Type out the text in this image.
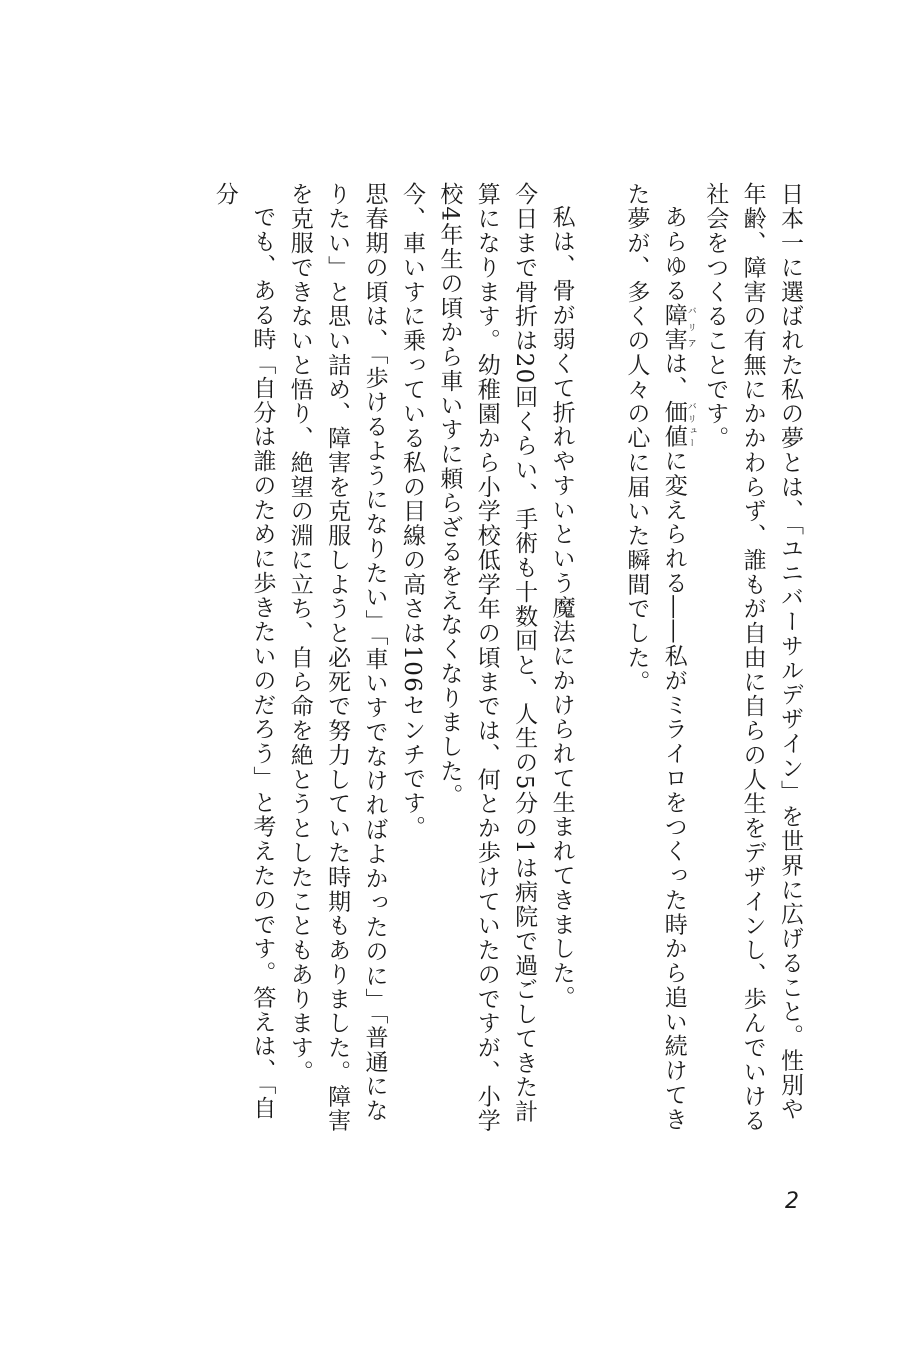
日本一に選ばれた私の夢とは、「ユニバーサルデザイン」を世界に広げること。性別や年齢、障害の有無にかかわらず、誰もが自由に自らの人生をデザインし、歩んでいける社会をつくることです。

あらゆる障害 バリアは、価値 バリューに変えられる――私がミライロをつくった時から追い続けてきた夢が、多くの人々の心に届いた瞬間でした。

私は、骨が弱くて折れやすいという魔法にかけられて生まれてきました。

今日まで骨折は20回くらい、手術も十数回と、人生の5分の1は病院で過ごしてきた計算になります。幼稚園から小学校低学年の頃までは、何とか歩けていたのですが、小学校4年生の頃から車いすに頼らざるをえなくなりました。

今、車いすに乗っている私の目線の高さは106センチです。

思春期の頃は、「歩けるようになりたい」「車いすでなければよかったのに」「普通になりたい」と思い詰め、障害を克服しようと必死で努力していた時期もありました。障害を克服できないと悟り、絶望の淵に立ち、自ら命を絶とうとしたこともあります。

でも、ある時「自分は誰のために歩きたいのだろう」と考えたのです。答えは、「自分

2
